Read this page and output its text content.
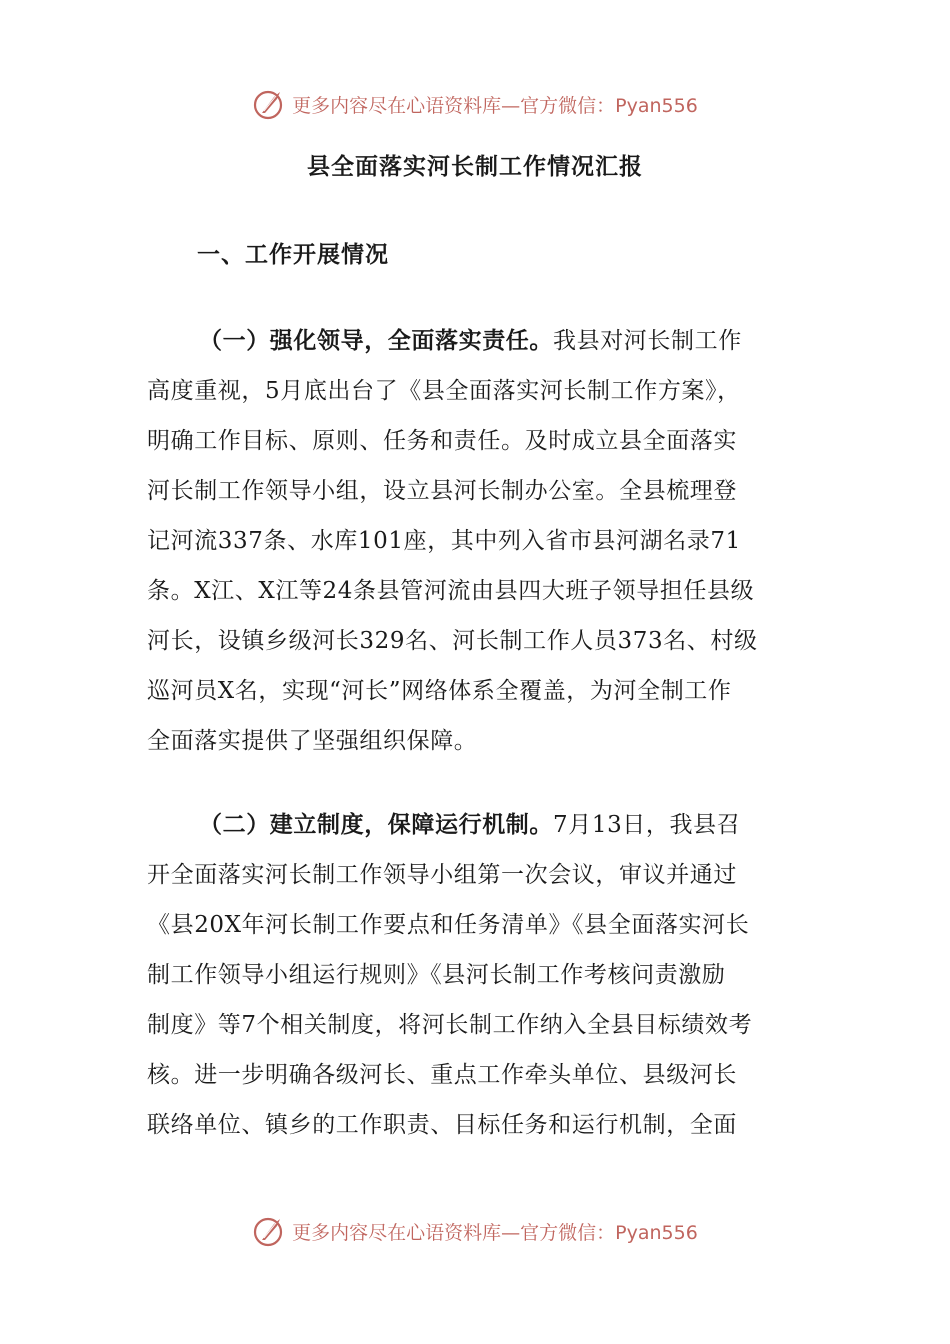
更多内容尽在心语资料库—官方微信：Pyan556
县全面落实河长制工作情况汇报
一、工作开展情况
（一）强化领导，全面落实责任。我县对河长制工作
高度重视，5月底出台了《县全面落实河长制工作方案》，
明确工作目标、原则、任务和责任。及时成立县全面落实
河长制工作领导小组，设立县河长制办公室。全县梳理登
记河流337条、水库101座，其中列入省市县河湖名录71
条。X江、X江等24条县管河流由县四大班子领导担任县级
河长，设镇乡级河长329名、河长制工作人员373名、村级
巡河员X名，实现“河长”网络体系全覆盖，为河全制工作
全面落实提供了坚强组织保障。
（二）建立制度，保障运行机制。7月13日，我县召
开全面落实河长制工作领导小组第一次会议，审议并通过
《县20X年河长制工作要点和任务清单》《县全面落实河长
制工作领导小组运行规则》《县河长制工作考核问责激励
制度》等7个相关制度，将河长制工作纳入全县目标绩效考
核。进一步明确各级河长、重点工作牵头单位、县级河长
联络单位、镇乡的工作职责、目标任务和运行机制，全面
更多内容尽在心语资料库—官方微信：Pyan556
